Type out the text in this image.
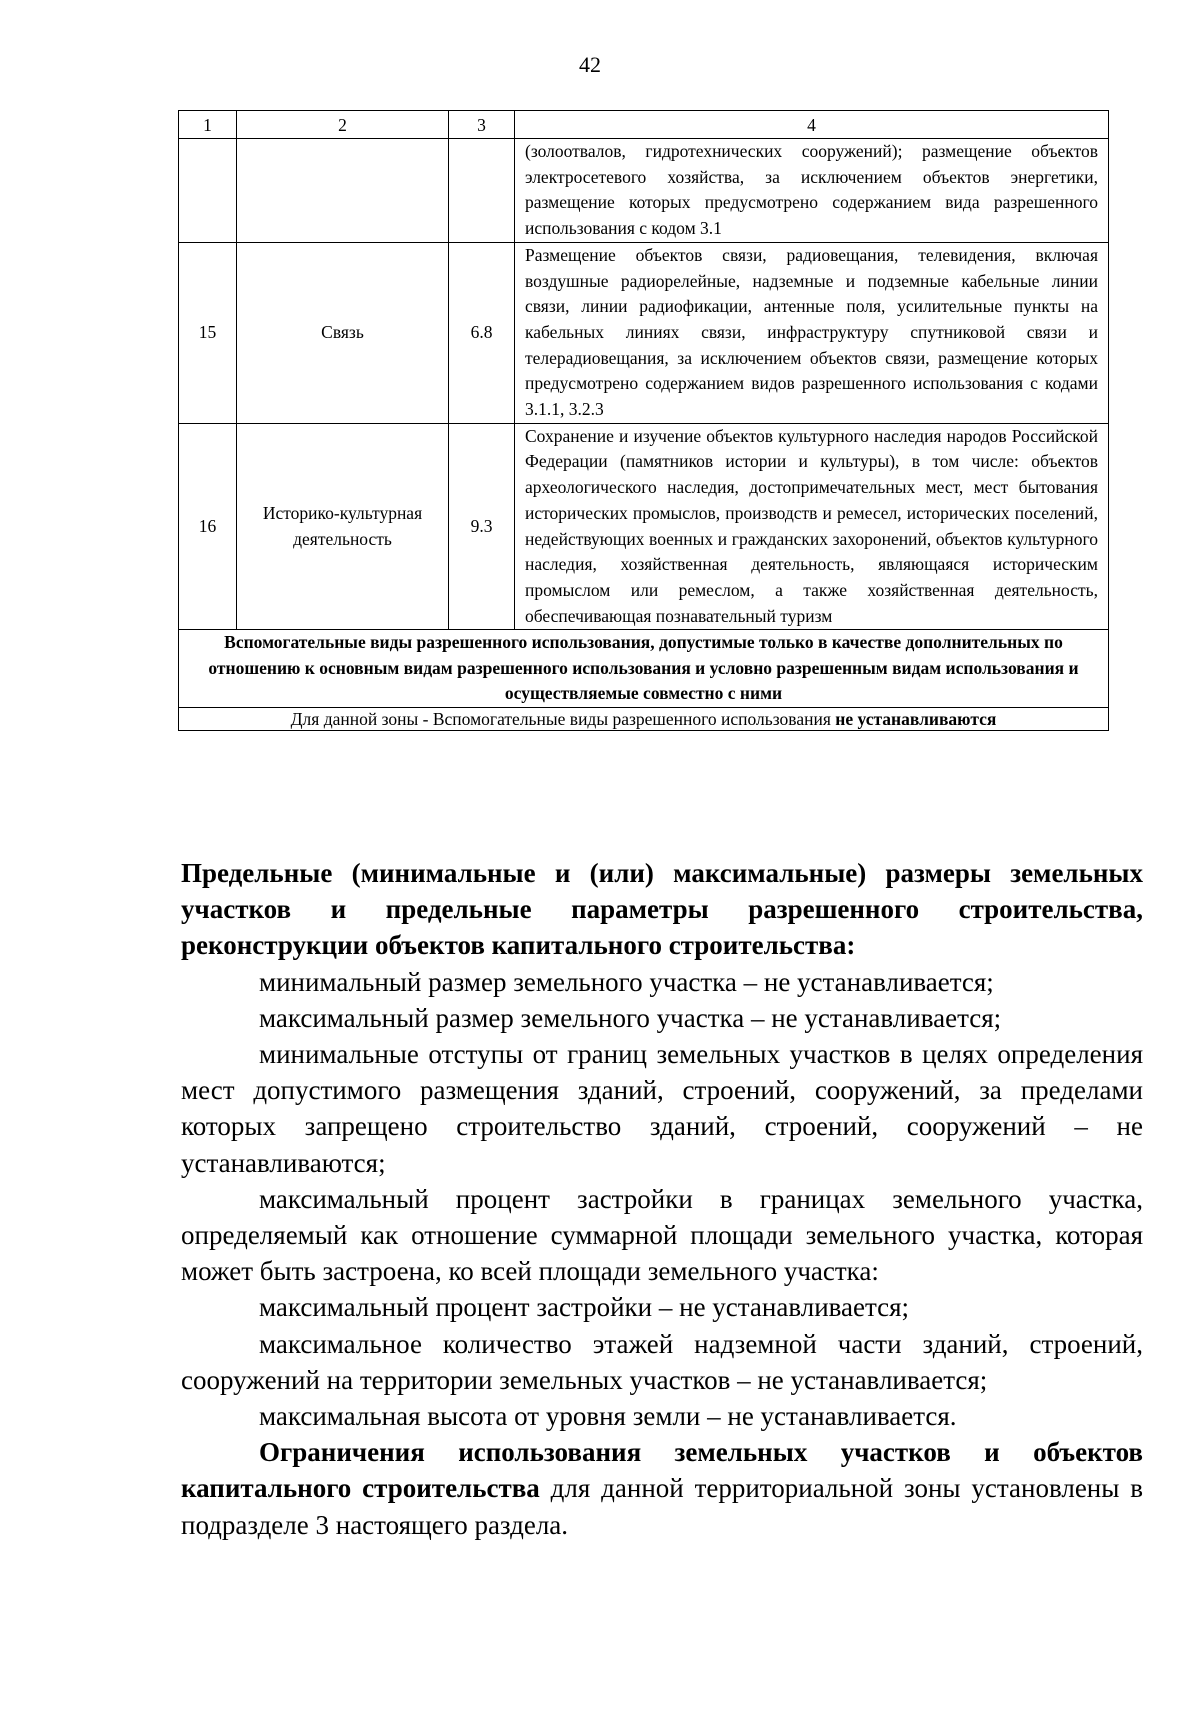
42
1	2	3	4
			(золоотвалов, гидротехнических сооружений); размещение объектов электросетевого хозяйства, за исключением объектов энергетики, размещение которых предусмотрено содержанием вида разрешенного использования с кодом 3.1
15	Связь	6.8	Размещение объектов связи, радиовещания, телевидения, включая воздушные радиорелейные, надземные и подземные кабельные линии связи, линии радиофикации, антенные поля, усилительные пункты на кабельных линиях связи, инфраструктуру спутниковой связи и телерадиовещания, за исключением объектов связи, размещение которых предусмотрено содержанием видов разрешенного использования с кодами 3.1.1, 3.2.3
16	Историко-культурная деятельность	9.3	Сохранение и изучение объектов культурного наследия народов Российской Федерации (памятников истории и культуры), в том числе: объектов археологического наследия, достопримечательных мест, мест бытования исторических промыслов, производств и ремесел, исторических поселений, недействующих военных и гражданских захоронений, объектов культурного наследия, хозяйственная деятельность, являющаяся историческим промыслом или ремеслом, а также хозяйственная деятельность, обеспечивающая познавательный туризм
Вспомогательные виды разрешенного использования, допустимые только в качестве дополнительных по отношению к основным видам разрешенного использования и условно разрешенным видам использования и осуществляемые совместно с ними			
Для данной зоны - Вспомогательные виды разрешенного использования не устанавливаются			

Предельные (минимальные и (или) максимальные) размеры земельных участков и предельные параметры разрешенного строительства, реконструкции объектов капитального строительства:

минимальный размер земельного участка – не устанавливается;

максимальный размер земельного участка – не устанавливается;

минимальные отступы от границ земельных участков в целях определения мест допустимого размещения зданий, строений, сооружений, за пределами которых запрещено строительство зданий, строений, сооружений – не устанавливаются;

максимальный процент застройки в границах земельного участка, определяемый как отношение суммарной площади земельного участка, которая может быть застроена, ко всей площади земельного участка:

максимальный процент застройки – не устанавливается;

максимальное количество этажей надземной части зданий, строений, сооружений на территории земельных участков – не устанавливается;

максимальная высота от уровня земли – не устанавливается.

Ограничения использования земельных участков и объектов капитального строительства для данной территориальной зоны установлены в подразделе 3 настоящего раздела.
